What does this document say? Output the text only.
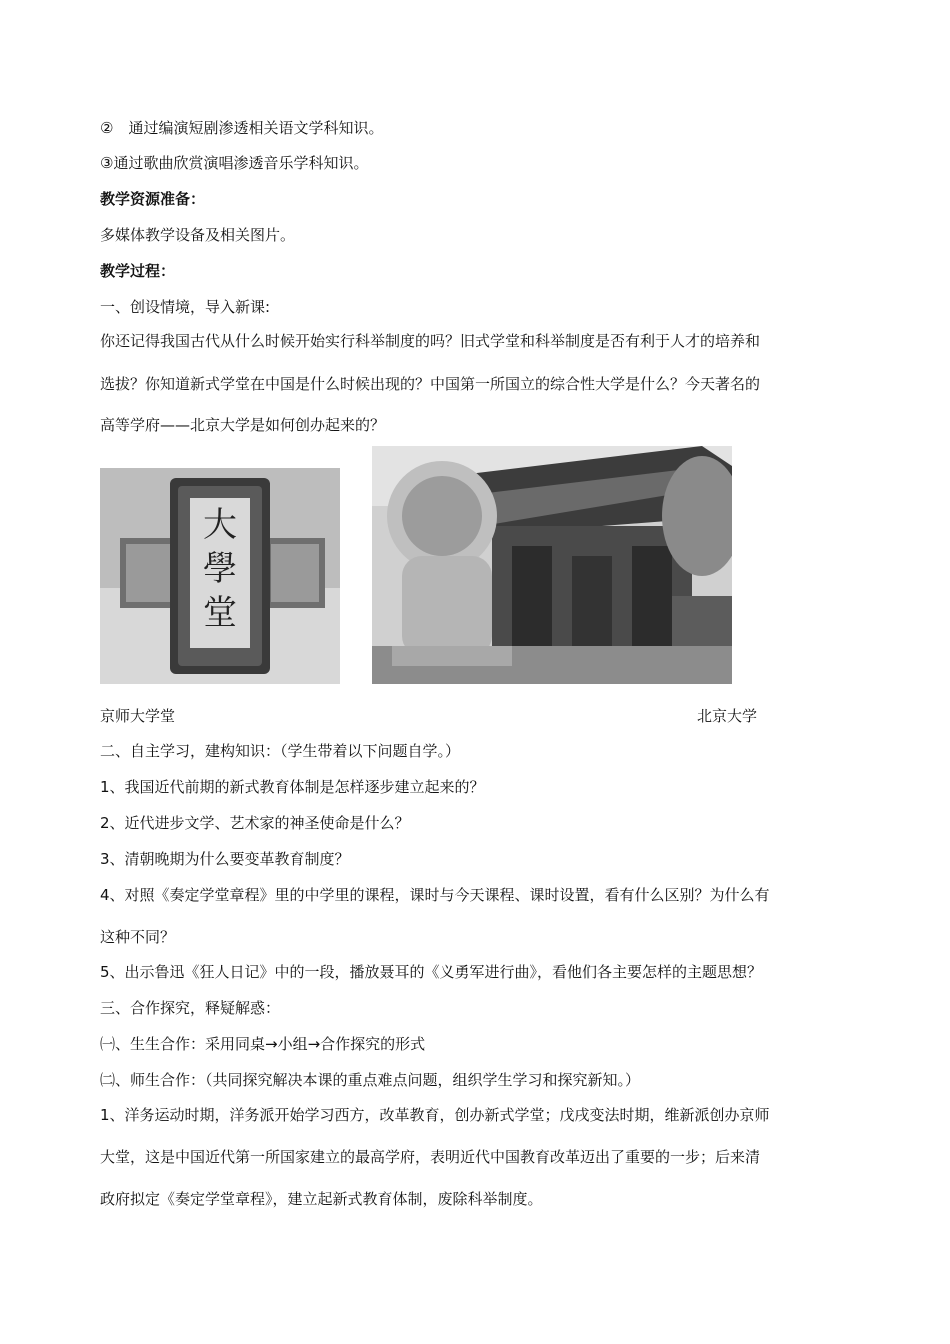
②　通过编演短剧渗透相关语文学科知识。
③通过歌曲欣赏演唱渗透音乐学科知识。
教学资源准备：
多媒体教学设备及相关图片。
教学过程：
一、创设情境，导入新课:
你还记得我国古代从什么时候开始实行科举制度的吗？旧式学堂和科举制度是否有利于人才的培养和
选拔？你知道新式学堂在中国是什么时候出现的？中国第一所国立的综合性大学是什么？今天著名的
高等学府——北京大学是如何创办起来的？
大
學
堂
京师大学堂	北京大学
二、自主学习，建构知识：（学生带着以下问题自学。）
1、我国近代前期的新式教育体制是怎样逐步建立起来的？
2、近代进步文学、艺术家的神圣使命是什么？
3、清朝晚期为什么要变革教育制度？
4、对照《奏定学堂章程》里的中学里的课程，课时与今天课程、课时设置，看有什么区别？为什么有
这种不同？
5、出示鲁迅《狂人日记》中的一段，播放聂耳的《义勇军进行曲》，看他们各主要怎样的主题思想？
三、合作探究，释疑解惑：
㈠、生生合作：采用同桌→小组→合作探究的形式
㈡、师生合作：（共同探究解决本课的重点难点问题，组织学生学习和探究新知。）
1、洋务运动时期，洋务派开始学习西方，改革教育，创办新式学堂；戊戌变法时期，维新派创办京师
大堂，这是中国近代第一所国家建立的最高学府，表明近代中国教育改革迈出了重要的一步；后来清
政府拟定《奏定学堂章程》，建立起新式教育体制，废除科举制度。
